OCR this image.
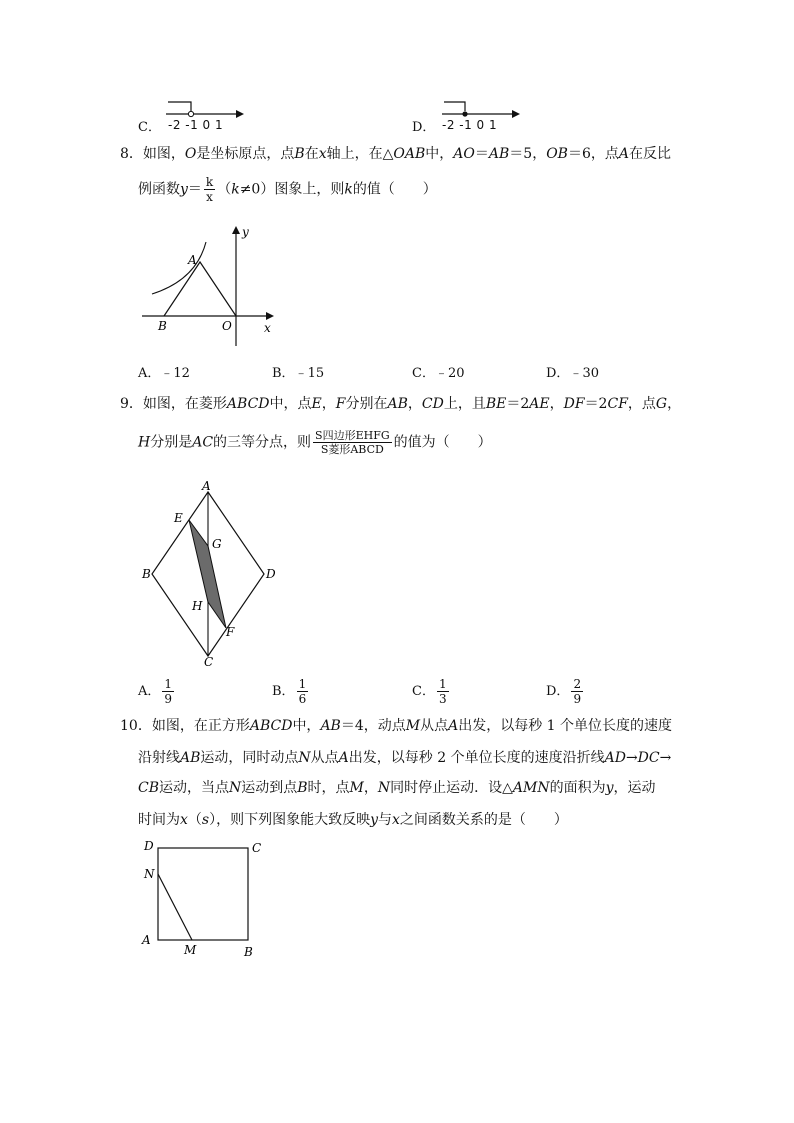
C． -2 -1 0 1	D． -2 -1 0 1
8．如图，O是坐标原点，点B在x轴上，在△OAB中，AO＝AB＝5，OB＝6，点A在反比
例函数$y= \frac{k}{x} (k\ne 0)$图象上，则k的值（　　）
A
B	O	x
y
A．﹣12	B．﹣15	C．﹣20	D．﹣30
9．如图，在菱形ABCD中，点E，F分别在AB，CD上，且BE＝2AE，DF＝2CF，点G，
H分别是AC的三等分点，则 $\frac{\text{S四边形EHFG}}{\text{S菱形ABCD}}$ 的值为（　　）
A
B
C
D
E
F
G
H
A． $\frac{1}{9}$	B． $\frac{1}{6}$	C． $\frac{1}{3}$	D． $\frac{2}{9}$
10．如图，在正方形ABCD中，AB＝4，动点M从点A出发，以每秒 1 个单位长度的速度
沿射线AB运动，同时动点N从点A出发，以每秒 2 个单位长度的速度沿折线AD→DC→
CB运动，当点N运动到点B时，点M，N同时停止运动．设△AMN的面积为y，运动
时间为x（s），则下列图象能大致反映y与x之间函数关系的是（　　）
D	C
N
A
M	B
